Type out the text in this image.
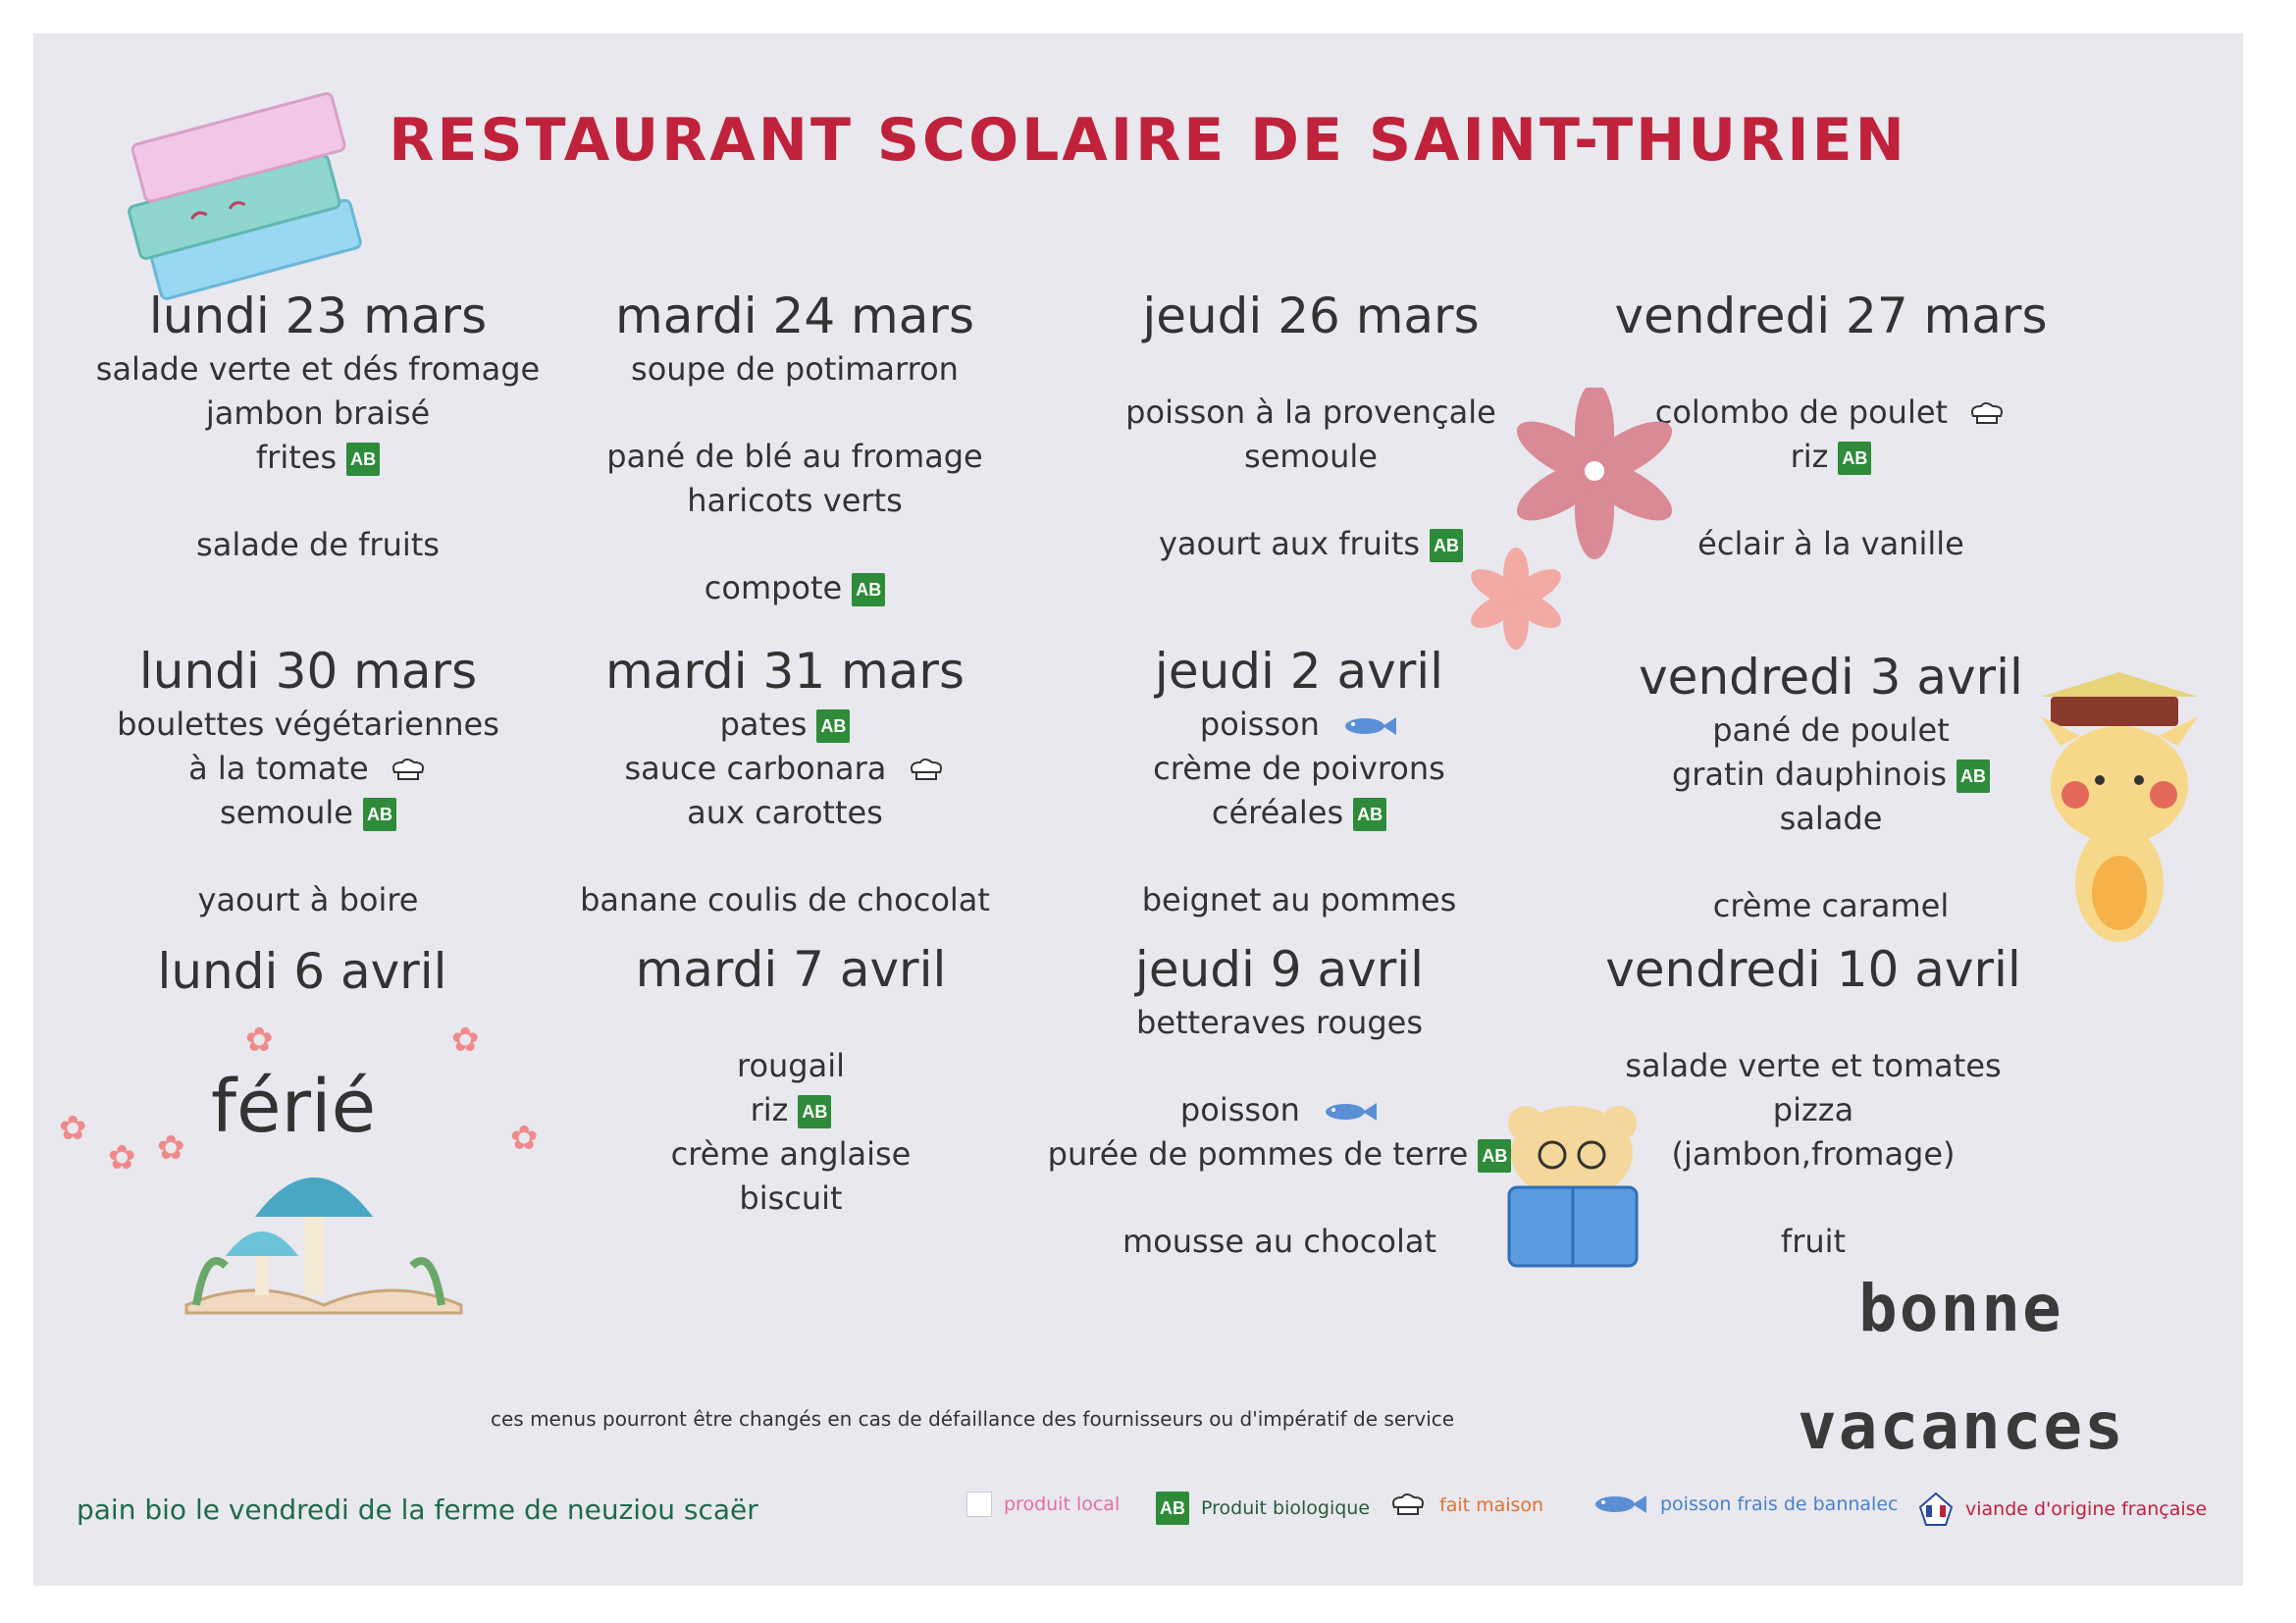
RESTAURANT SCOLAIRE DE SAINT-THURIEN
lundi 23 mars
salade verte et dés fromage
jambon braisé
frites AB
salade de fruits
mardi 24 mars
soupe de potimarron
pané de blé au fromage
haricots verts
compote AB
jeudi 26 mars
poisson à la provençale
semoule
yaourt aux fruits AB
vendredi 27 mars
colombo de poulet
riz AB
éclair à la vanille
lundi 30 mars
boulettes végétariennes
à la tomate
semoule AB
yaourt à boire
mardi 31 mars
pates AB
sauce carbonara
aux carottes
banane coulis de chocolat
jeudi 2 avril
poisson
crème de poivrons
céréales AB
beignet au pommes
vendredi 3 avril
pané de poulet
gratin dauphinois AB
salade
crème caramel
lundi 6 avril
férié
mardi 7 avril
rougail
riz AB
crème anglaise
biscuit
jeudi 9 avril
betteraves rouges
poisson
purée de pommes de terre AB
mousse au chocolat
vendredi 10 avril
salade verte et tomates
pizza
(jambon,fromage)
fruit
✿
✿ ✿
✿	✿
✿
bonne
vacances
ces menus pourront être changés en cas de défaillance des fournisseurs ou d'impératif de service
pain bio le vendredi de la ferme de neuziou scaër	produit local AB Produit biologique	fait maison	poisson frais de bannalec	viande d'origine française
